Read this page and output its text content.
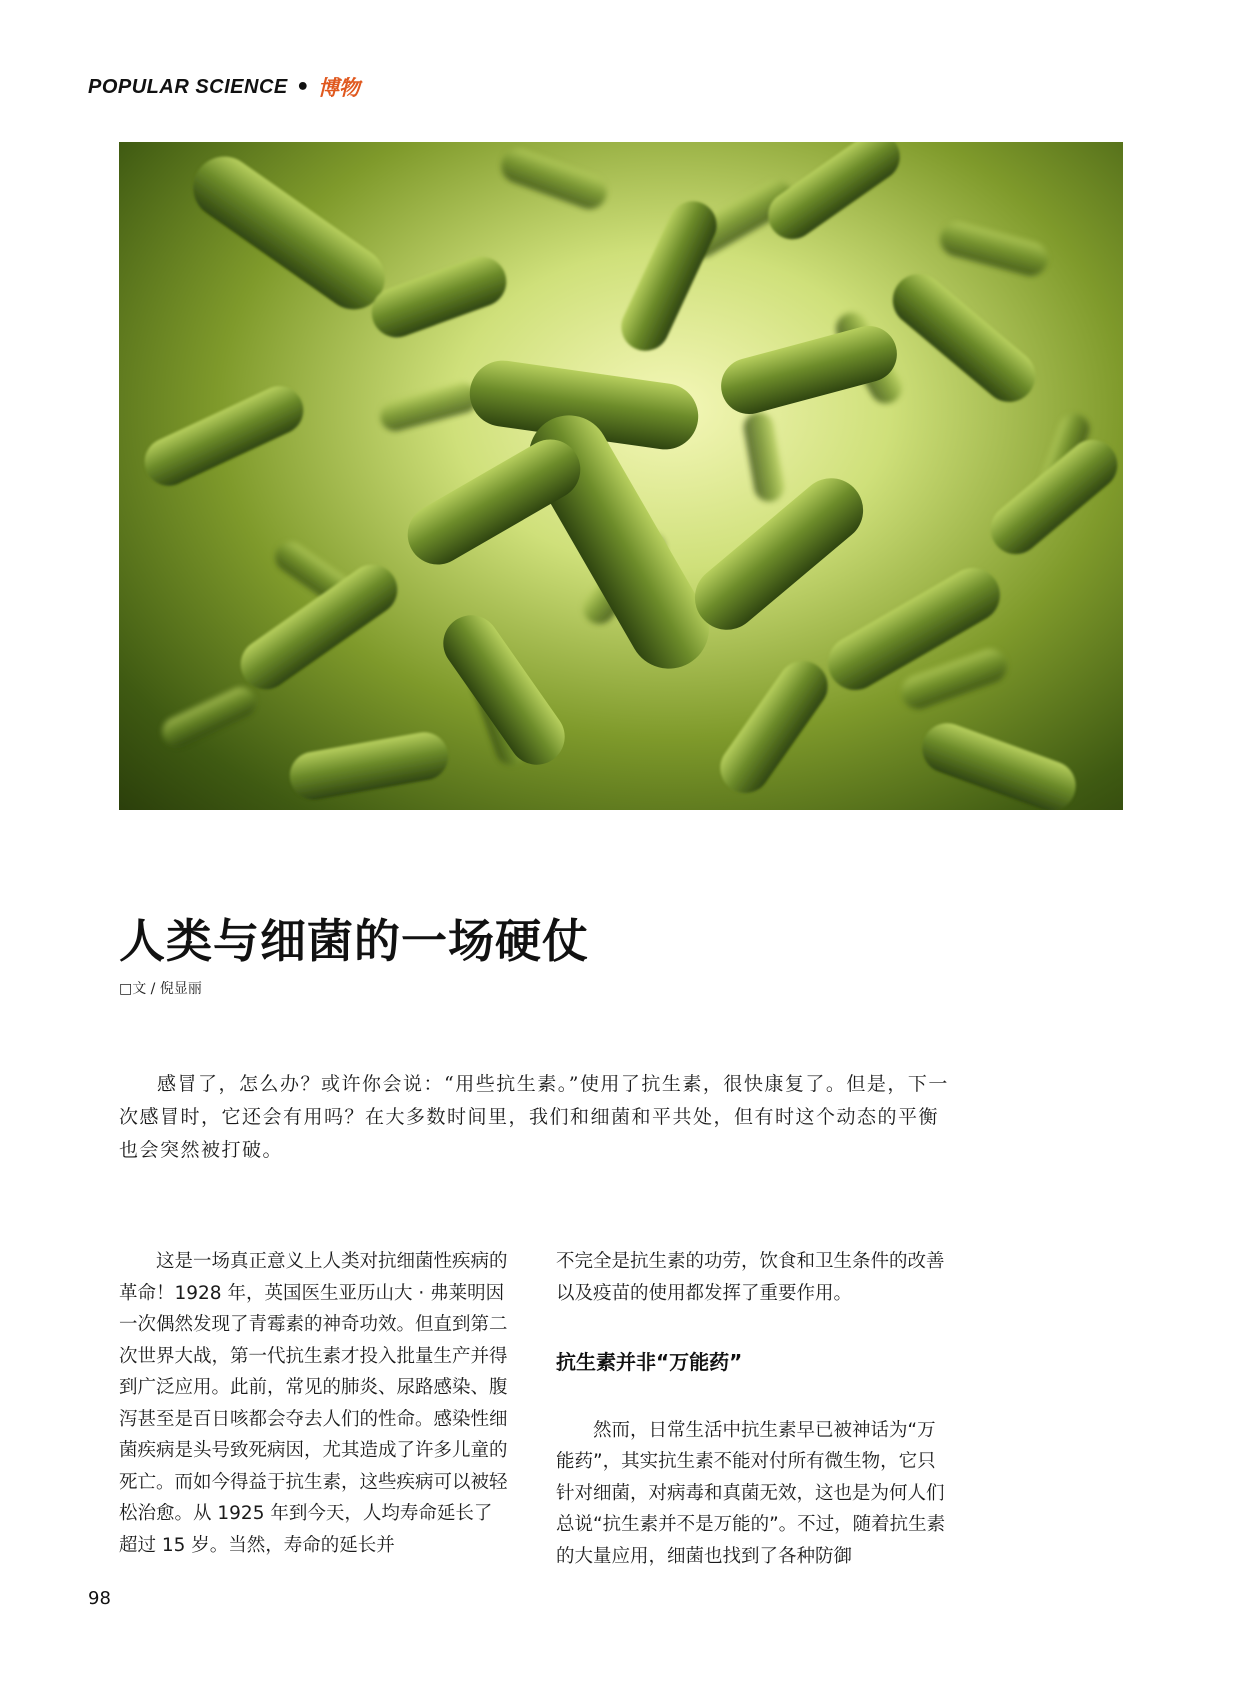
POPULAR SCIENCE • 博物
人类与细菌的一场硬仗
□文 / 倪显丽

感冒了，怎么办？或许你会说：“用些抗生素。”使用了抗生素，很快康复了。但是，下一次感冒时，它还会有用吗？在大多数时间里，我们和细菌和平共处，但有时这个动态的平衡也会突然被打破。

这是一场真正意义上人类对抗细菌性疾病的革命！1928 年，英国医生亚历山大 · 弗莱明因一次偶然发现了青霉素的神奇功效。但直到第二次世界大战，第一代抗生素才投入批量生产并得到广泛应用。此前，常见的肺炎、尿路感染、腹泻甚至是百日咳都会夺去人们的性命。感染性细菌疾病是头号致死病因，尤其造成了许多儿童的死亡。而如今得益于抗生素，这些疾病可以被轻松治愈。从 1925 年到今天，人均寿命延长了超过 15 岁。当然，寿命的延长并

不完全是抗生素的功劳，饮食和卫生条件的改善以及疫苗的使用都发挥了重要作用。

抗生素并非“万能药”

然而，日常生活中抗生素早已被神话为“万能药”，其实抗生素不能对付所有微生物，它只针对细菌，对病毒和真菌无效，这也是为何人们总说“抗生素并不是万能的”。不过，随着抗生素的大量应用，细菌也找到了各种防御

98
